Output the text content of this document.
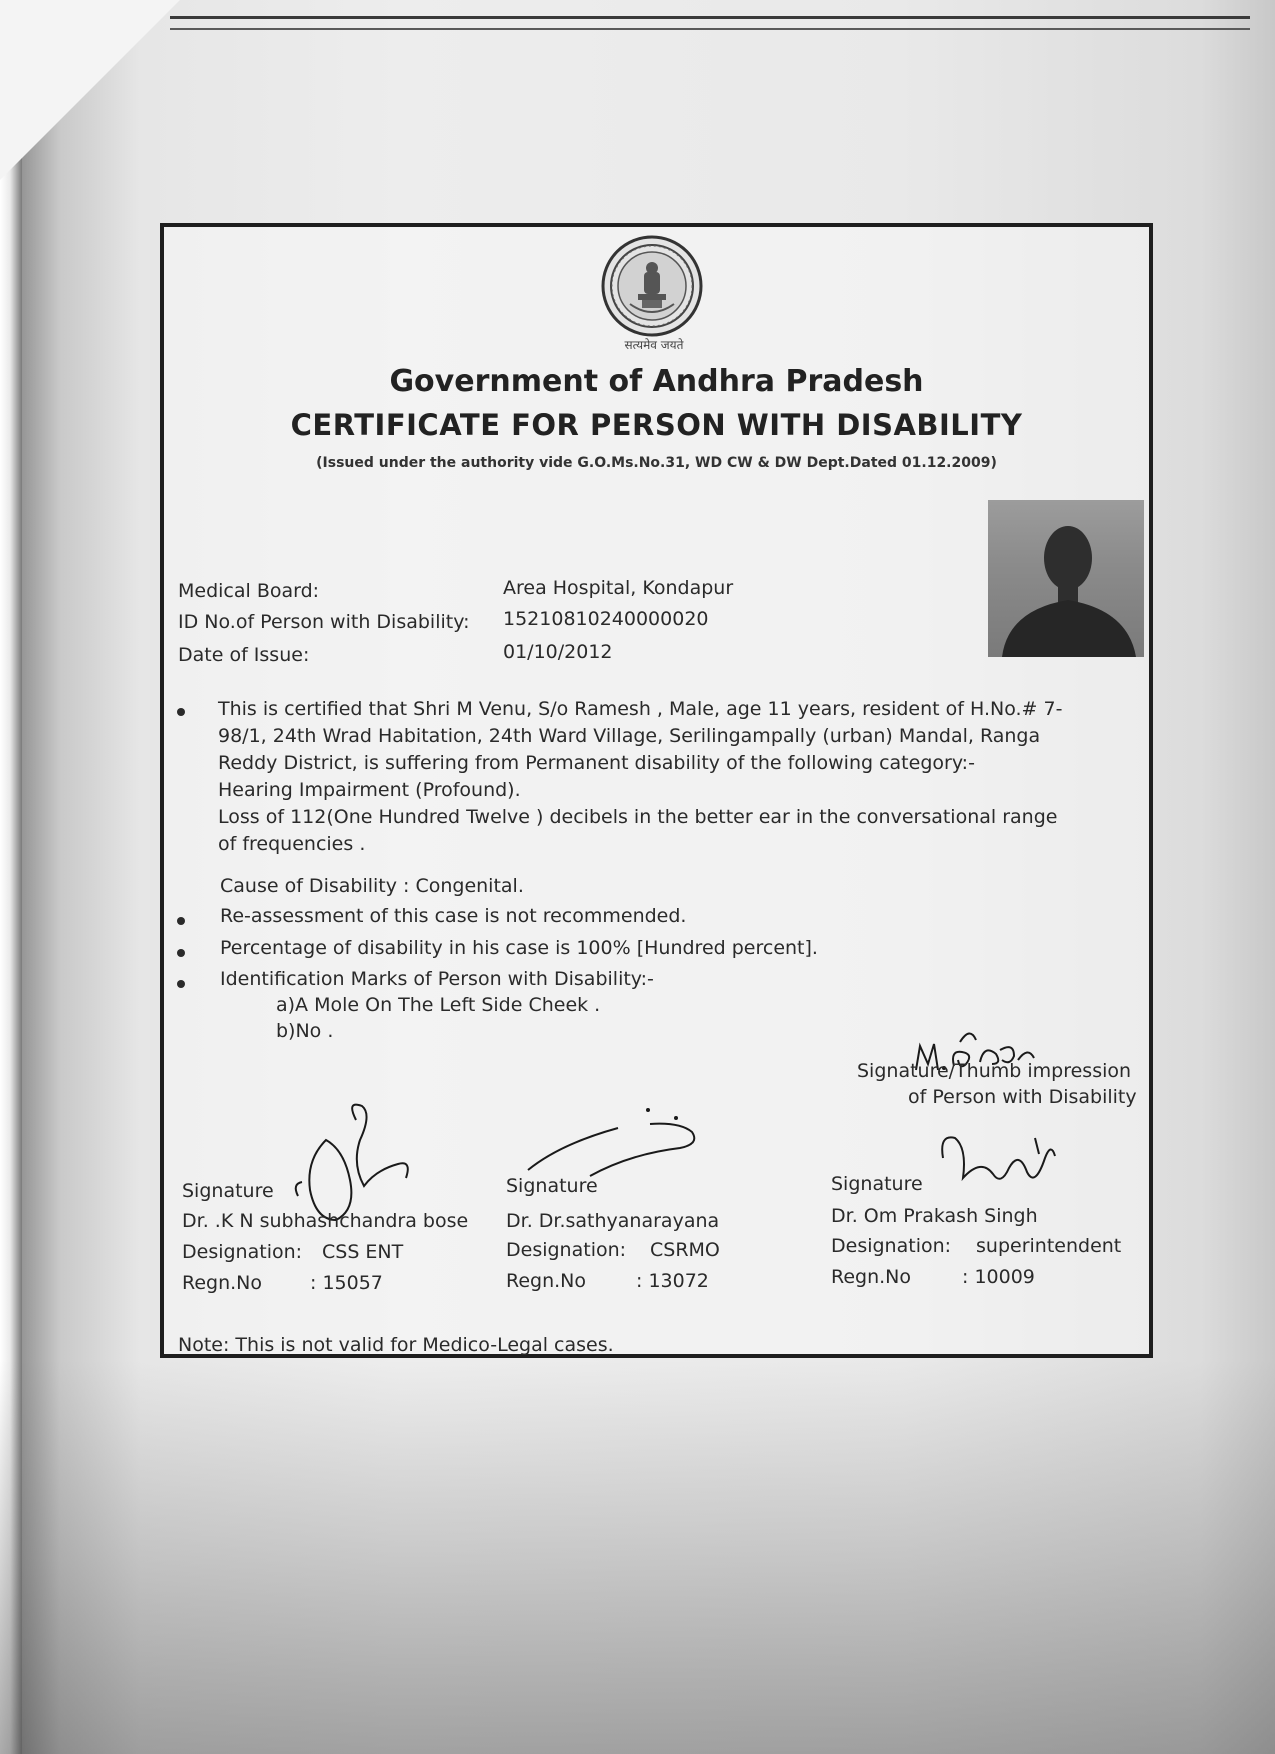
सत्यमेव जयते
Government of Andhra Pradesh
CERTIFICATE FOR PERSON WITH DISABILITY
(Issued under the authority vide G.O.Ms.No.31, WD CW & DW Dept.Dated 01.12.2009)
Medical Board:	Area Hospital, Kondapur
ID No.of Person with Disability: 15210810240000020
Date of Issue:	01/10/2012
This is certified that Shri M Venu, S/o Ramesh , Male, age 11 years, resident of H.No.# 7-
98/1, 24th Wrad Habitation, 24th Ward Village, Serilingampally (urban) Mandal, Ranga
Reddy District, is suffering from Permanent disability of the following category:-
Hearing Impairment (Profound).
Loss of 112(One Hundred Twelve ) decibels in the better ear in the conversational range
of frequencies .
Cause of Disability : Congenital.
Re-assessment of this case is not recommended.
Percentage of disability in his case is 100% [Hundred percent].
Identification Marks of Person with Disability:-
a)A Mole On The Left Side Cheek .
b)No .
Signature/Thumb impression
of Person with Disability
Signature
Dr. .K N subhashchandra bose
Designation: CSS ENT
Regn.No	: 15057
Signature
Dr. Dr.sathyanarayana
Designation: CSRMO
Regn.No	: 13072
Signature
Dr. Om Prakash Singh
Designation: superintendent
Regn.No	: 10009
Note: This is not valid for Medico-Legal cases.
